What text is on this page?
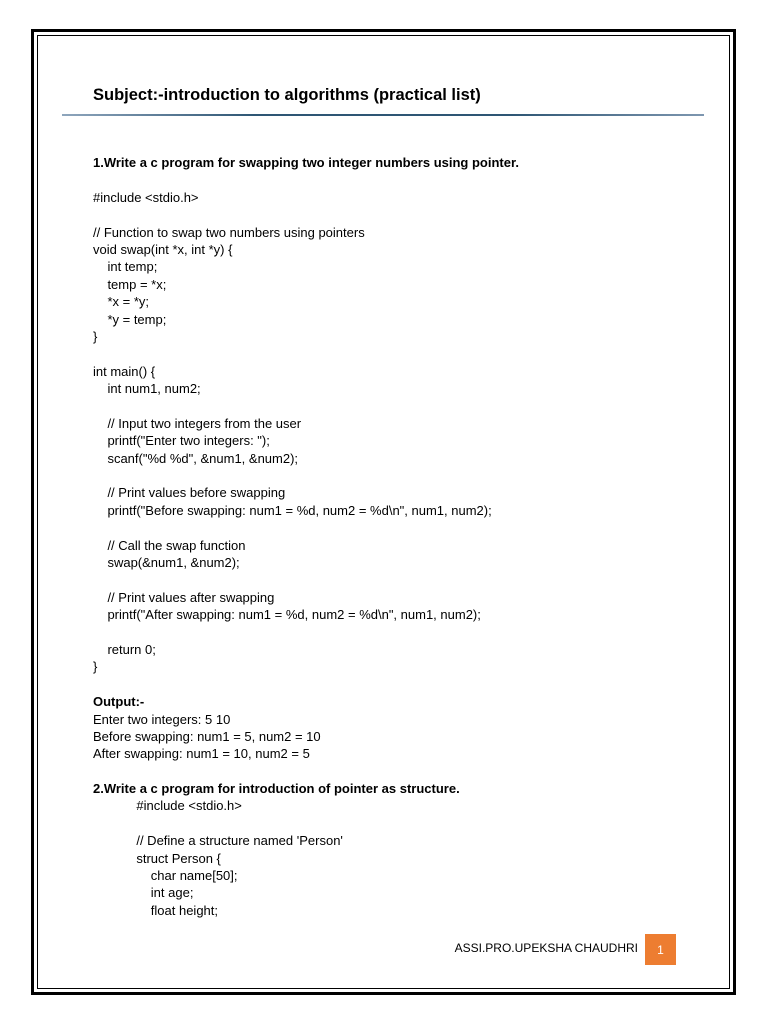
Subject:-introduction to algorithms (practical list)
1.Write a c program for swapping two integer numbers using pointer.
#include <stdio.h>
// Function to swap two numbers using pointers
void swap(int *x, int *y) {
int temp;
temp = *x;
*x = *y;
*y = temp;
}
int main() {
int num1, num2;
// Input two integers from the user
printf("Enter two integers: ");
scanf("%d %d", &num1, &num2);
// Print values before swapping
printf("Before swapping: num1 = %d, num2 = %d\n", num1, num2);
// Call the swap function
swap(&num1, &num2);
// Print values after swapping
printf("After swapping: num1 = %d, num2 = %d\n", num1, num2);
return 0;
}
Output:-
Enter two integers: 5 10
Before swapping: num1 = 5, num2 = 10
After swapping: num1 = 10, num2 = 5
2.Write a c program for introduction of pointer as structure.
#include <stdio.h>
// Define a structure named 'Person'
struct Person {
char name[50];
int age;
float height;
ASSI.PRO.UPEKSHA CHAUDHRI	1
